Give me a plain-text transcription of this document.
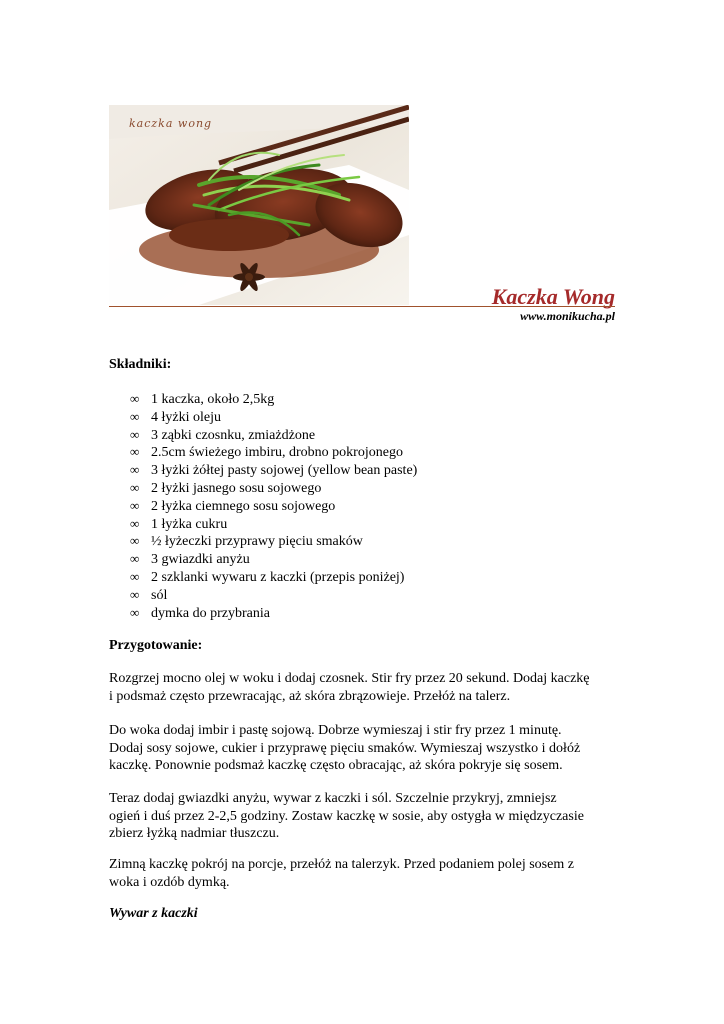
kaczka wong
Kaczka Wong
www.monikucha.pl
Składniki:
∞ 1 kaczka, około 2,5kg
∞ 4 łyżki oleju
∞ 3 ząbki czosnku, zmiażdżone
∞ 2.5cm świeżego imbiru, drobno pokrojonego
∞ 3 łyżki żółtej pasty sojowej (yellow bean paste)
∞ 2 łyżki jasnego sosu sojowego
∞ 2 łyżka ciemnego sosu sojowego
∞ 1 łyżka cukru
∞ ½ łyżeczki przyprawy pięciu smaków
∞ 3 gwiazdki anyżu
∞ 2 szklanki wywaru z kaczki (przepis poniżej)
∞ sól
∞ dymka do przybrania
Przygotowanie:
Rozgrzej mocno olej w woku i dodaj czosnek. Stir fry przez 20 sekund. Dodaj kaczkę
i podsmaż często przewracając, aż skóra zbrązowieje. Przełóż na talerz.
Do woka dodaj imbir i pastę sojową. Dobrze wymieszaj i stir fry przez 1 minutę.
Dodaj sosy sojowe, cukier i przyprawę pięciu smaków. Wymieszaj wszystko i dołóż
kaczkę. Ponownie podsmaż kaczkę często obracając, aż skóra pokryje się sosem.
Teraz dodaj gwiazdki anyżu, wywar z kaczki i sól. Szczelnie przykryj, zmniejsz
ogień i duś przez 2-2,5 godziny. Zostaw kaczkę w sosie, aby ostygła w międzyczasie
zbierz łyżką nadmiar tłuszczu.
Zimną kaczkę pokrój na porcje, przełóż na talerzyk. Przed podaniem polej sosem z
woka i ozdób dymką.
Wywar z kaczki
